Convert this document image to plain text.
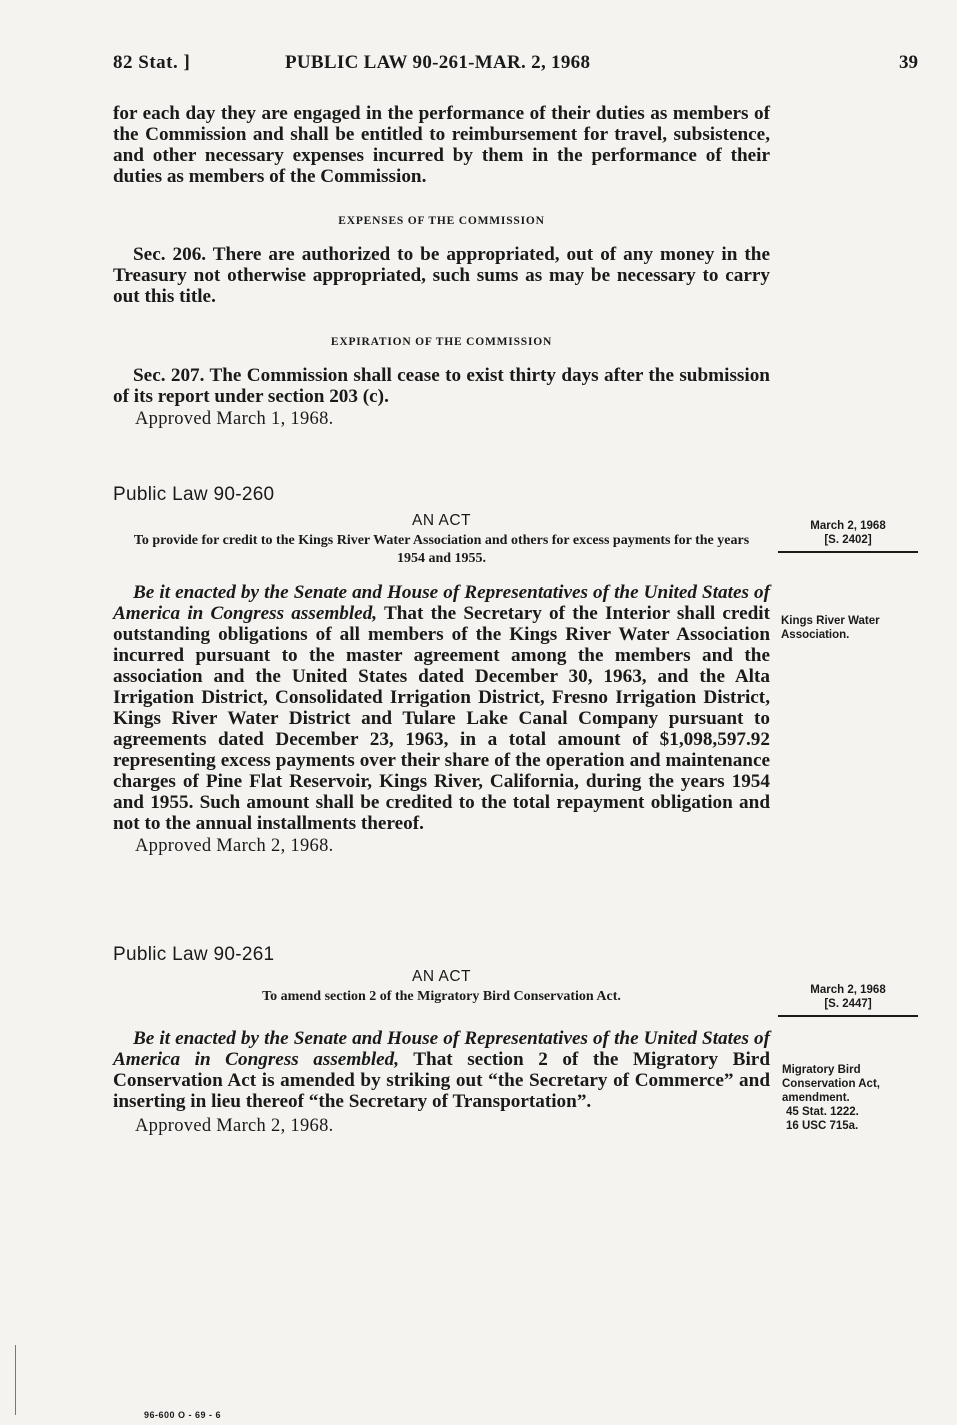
82 Stat. ]	PUBLIC LAW 90-261-MAR. 2, 1968	39

for each day they are engaged in the performance of their duties as members of the Commission and shall be entitled to reimbursement for travel, subsistence, and other necessary expenses incurred by them in the performance of their duties as members of the Commission.

EXPENSES OF THE COMMISSION

Sec. 206. There are authorized to be appropriated, out of any money in the Treasury not otherwise appropriated, such sums as may be necessary to carry out this title.

EXPIRATION OF THE COMMISSION

Sec. 207. The Commission shall cease to exist thirty days after the submission of its report under section 203 (c).

Approved March 1, 1968.
Public Law 90-260
AN ACT
To provide for credit to the Kings River Water Association and others for excess payments for the years 1954 and 1955.

Be it enacted by the Senate and House of Representatives of the United States of America in Congress assembled, That the Secretary of the Interior shall credit outstanding obligations of all members of the Kings River Water Association incurred pursuant to the master agreement among the members and the association and the United States dated December 30, 1963, and the Alta Irrigation District, Consolidated Irrigation District, Fresno Irrigation District, Kings River Water District and Tulare Lake Canal Company pursuant to agreements dated December 23, 1963, in a total amount of $1,098,597.92 representing excess payments over their share of the operation and maintenance charges of Pine Flat Reservoir, Kings River, California, during the years 1954 and 1955. Such amount shall be credited to the total repayment obligation and not to the annual installments thereof.

Approved March 2, 1968.
March 2, 1968
[S. 2402]
Kings River Water Association.
Public Law 90-261
AN ACT
To amend section 2 of the Migratory Bird Conservation Act.

Be it enacted by the Senate and House of Representatives of the United States of America in Congress assembled, That section 2 of the Migratory Bird Conservation Act is amended by striking out “the Secretary of Commerce” and inserting in lieu thereof “the Secretary of Transportation”.

Approved March 2, 1968.
March 2, 1968
[S. 2447]
Migratory Bird Conservation Act, amendment.
45 Stat. 1222.
16 USC 715a.
96-600 O - 69 - 6
